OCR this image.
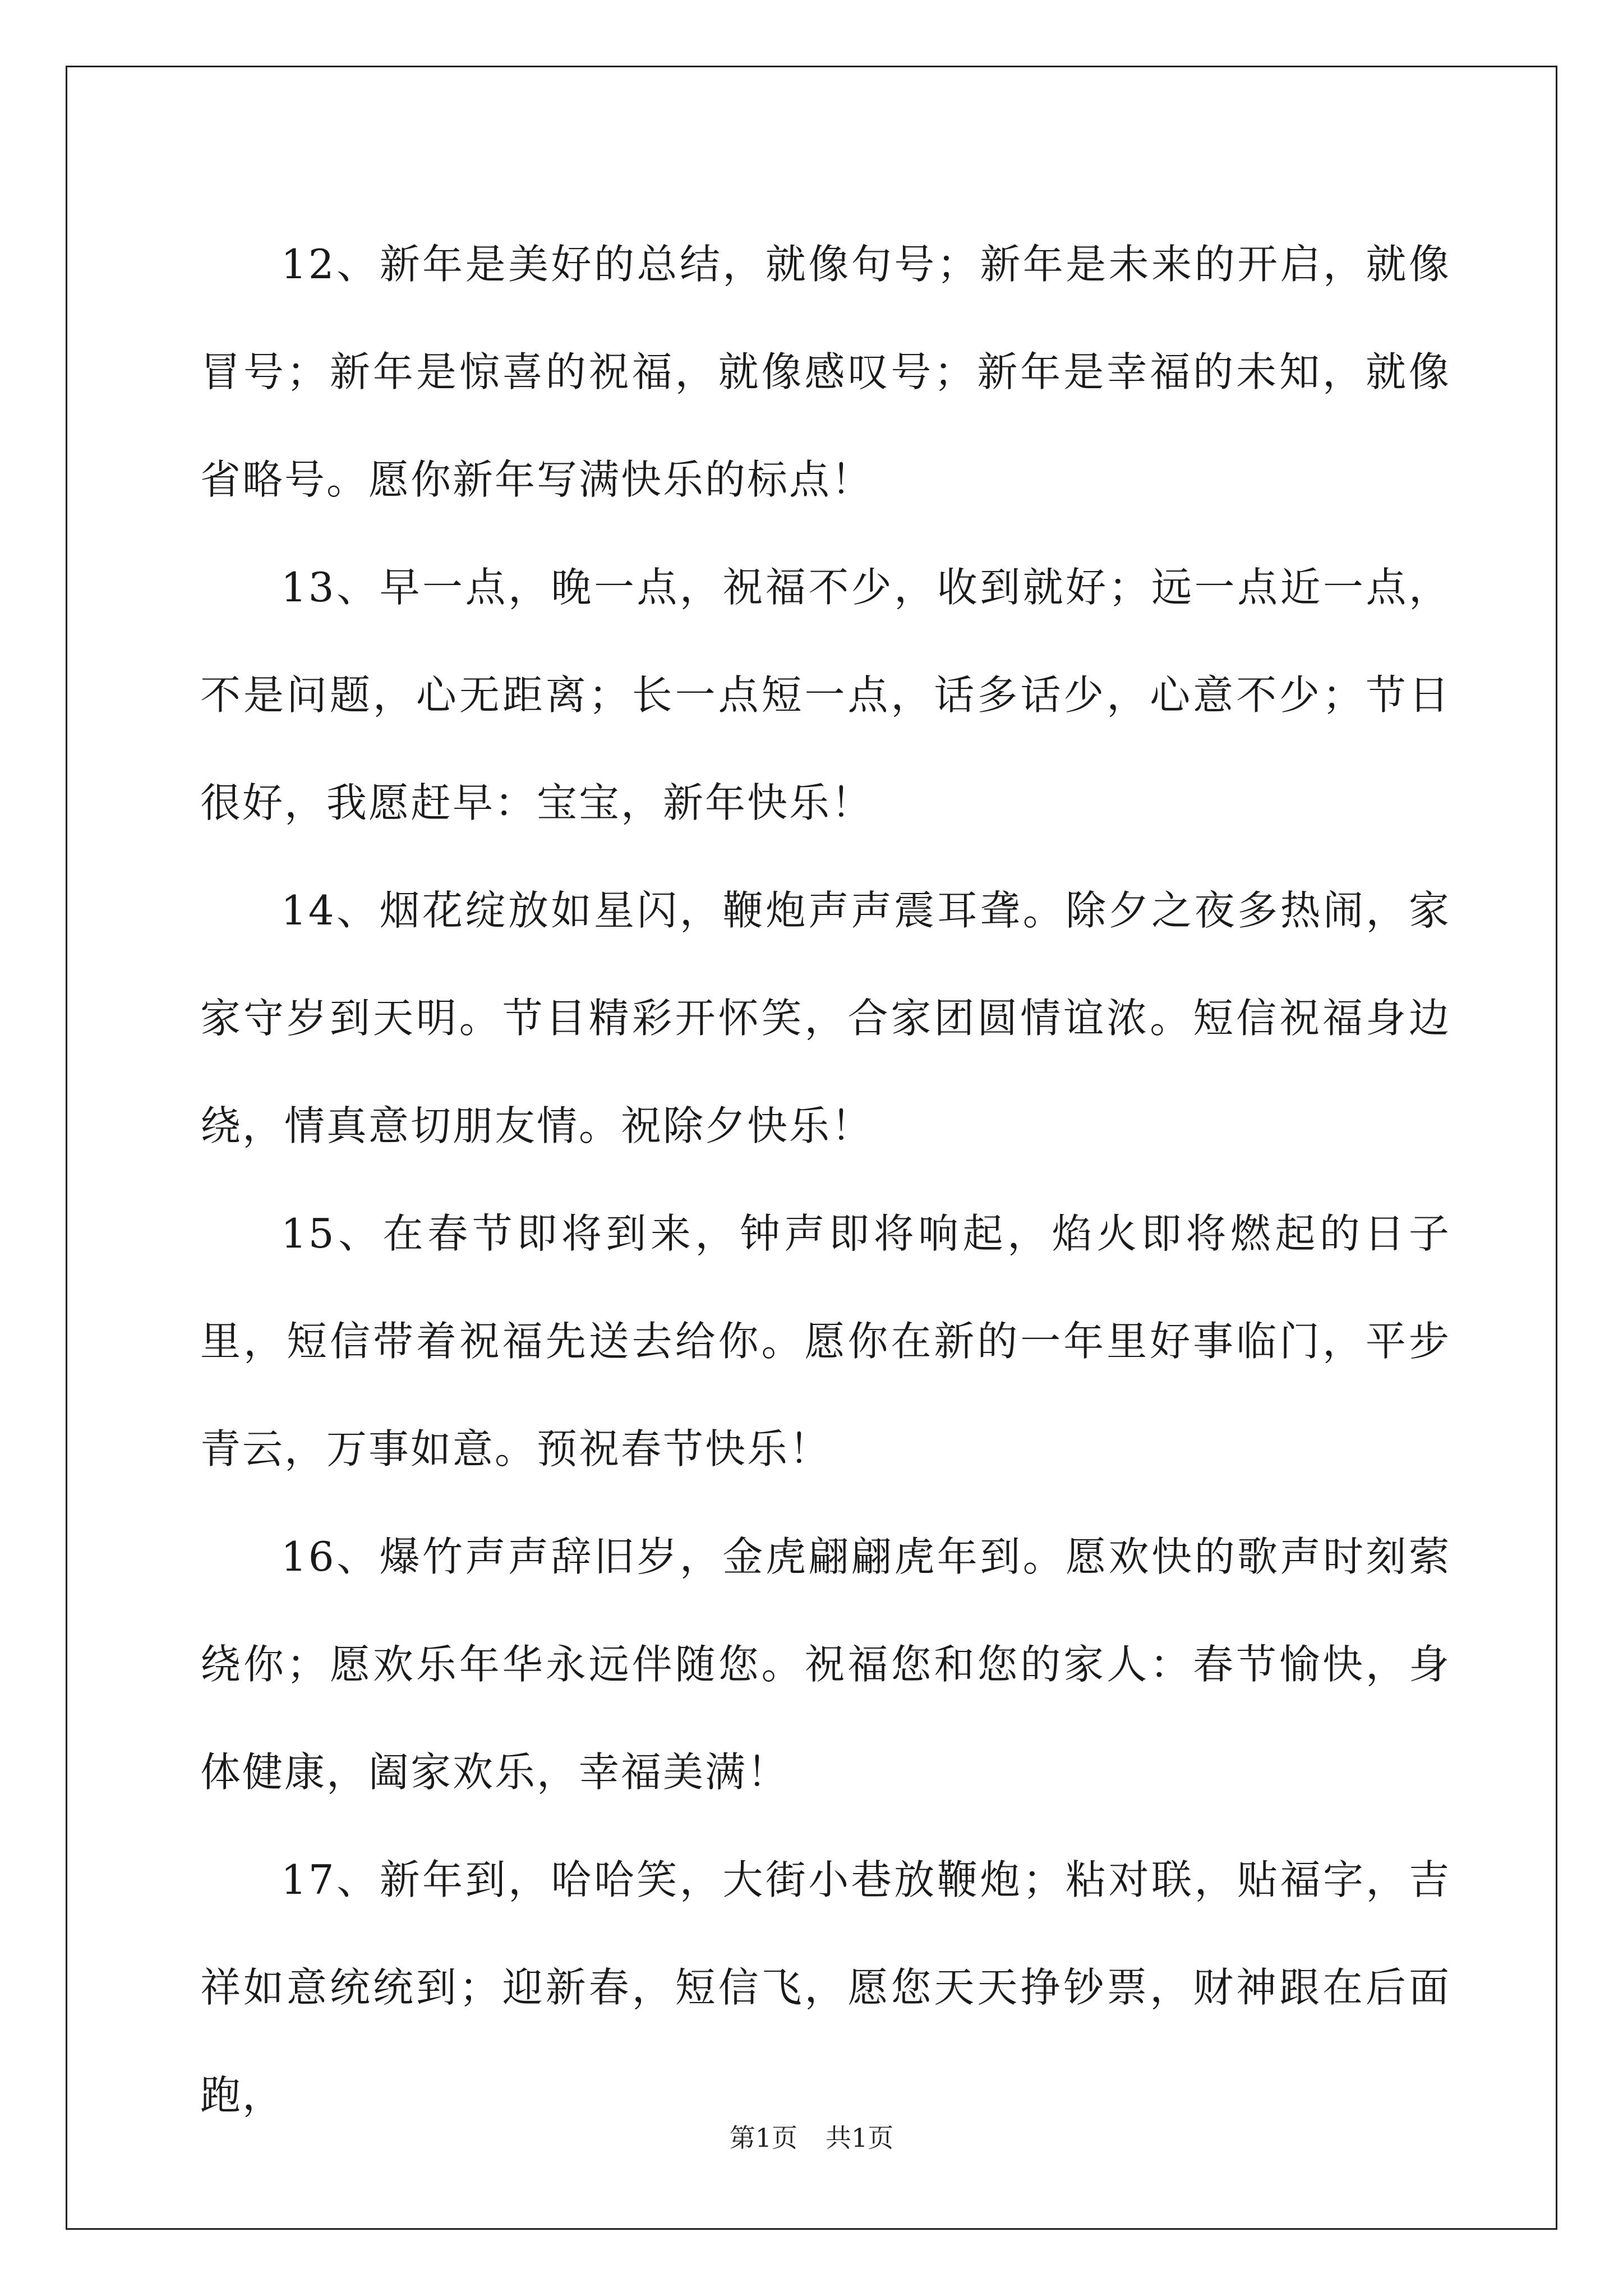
12、新年是美好的总结，就像句号；新年是未来的开启，就像冒号；新年是惊喜的祝福，就像感叹号；新年是幸福的未知，就像省略号。愿你新年写满快乐的标点！

13、早一点，晚一点，祝福不少，收到就好；远一点近一点，不是问题，心无距离；长一点短一点，话多话少，心意不少；节日很好，我愿赶早：宝宝，新年快乐！

14、烟花绽放如星闪，鞭炮声声震耳聋。除夕之夜多热闹，家家守岁到天明。节目精彩开怀笑，合家团圆情谊浓。短信祝福身边绕，情真意切朋友情。祝除夕快乐！

15、在春节即将到来，钟声即将响起，焰火即将燃起的日子里，短信带着祝福先送去给你。愿你在新的一年里好事临门，平步青云，万事如意。预祝春节快乐！

16、爆竹声声辞旧岁，金虎翩翩虎年到。愿欢快的歌声时刻萦绕你；愿欢乐年华永远伴随您。祝福您和您的家人：春节愉快，身体健康，阖家欢乐，幸福美满！

17、新年到，哈哈笑，大街小巷放鞭炮；粘对联，贴福字，吉祥如意统统到；迎新春，短信飞，愿您天天挣钞票，财神跟在后面跑，

第1页 共1页
